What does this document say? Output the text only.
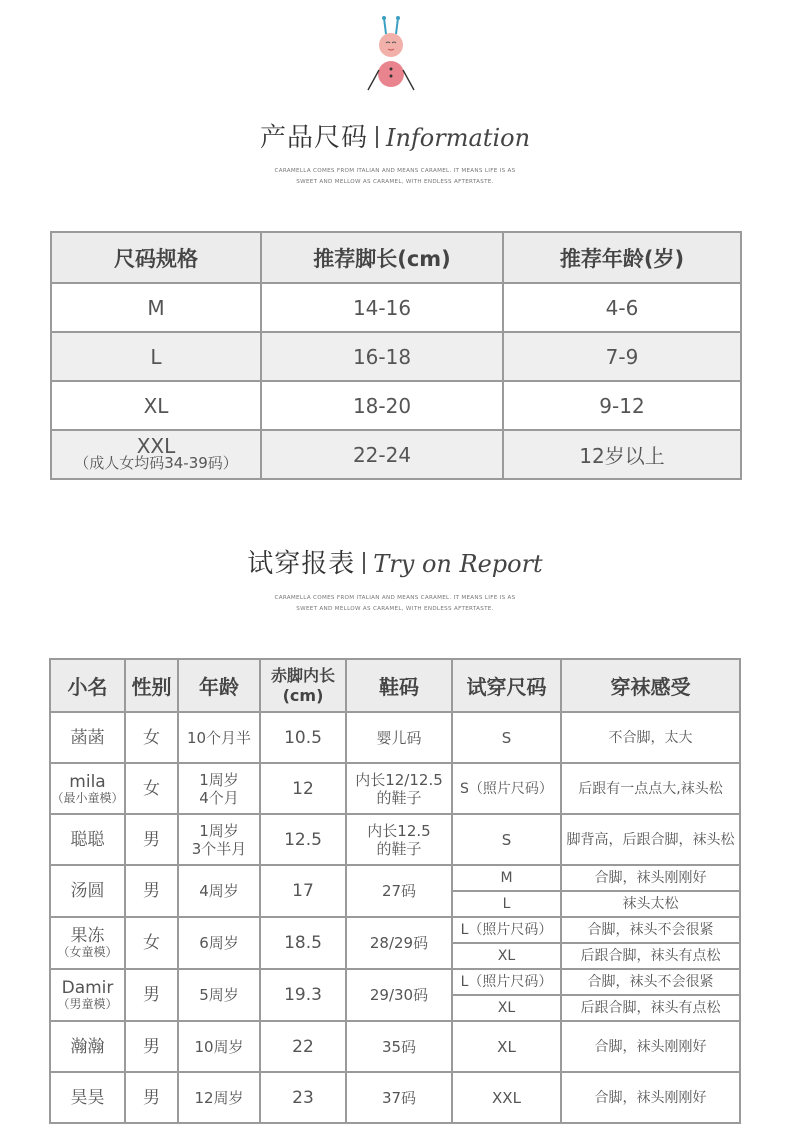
产品尺码 Information
CARAMELLA COMES FROM ITALIAN AND MEANS CARAMEL. IT MEANS LIFE IS AS
SWEET AND MELLOW AS CARAMEL, WITH ENDLESS AFTERTASTE.
尺码规格	推荐脚长(cm)	推荐年龄(岁)
M	14-16	4-6
L	16-18	7-9
XL	18-20	9-12

XXL
（成人女均码34-39码）	22-24	12岁以上
试穿报表 Try on Report
CARAMELLA COMES FROM ITALIAN AND MEANS CARAMEL. IT MEANS LIFE IS AS
SWEET AND MELLOW AS CARAMEL, WITH ENDLESS AFTERTASTE.
小名	性别	年龄	赤脚内长
(cm)	鞋码	试穿尺码	穿袜感受
菡菡	女	10个月半	10.5	婴儿码	S	不合脚，太大

mila
（最小童模）	女	1周岁
4个月	12	内长12/12.5
的鞋子	S（照片尺码）	后跟有一点点大,袜头松
聪聪	男	1周岁
3个半月	12.5	内长12.5
的鞋子	S	脚背高，后跟合脚，袜头松
汤圆	男	4周岁	17	27码	M	合脚，袜头刚刚好
					L	袜头太松

果冻
（女童模）	女	6周岁	18.5	28/29码	L（照片尺码）	合脚，袜头不会很紧
					XL	后跟合脚，袜头有点松

Damir
（男童模）	男	5周岁	19.3	29/30码	L（照片尺码）	合脚，袜头不会很紧
					XL	后跟合脚，袜头有点松
瀚瀚	男	10周岁	22	35码	XL	合脚，袜头刚刚好
昊昊	男	12周岁	23	37码	XXL	合脚，袜头刚刚好
